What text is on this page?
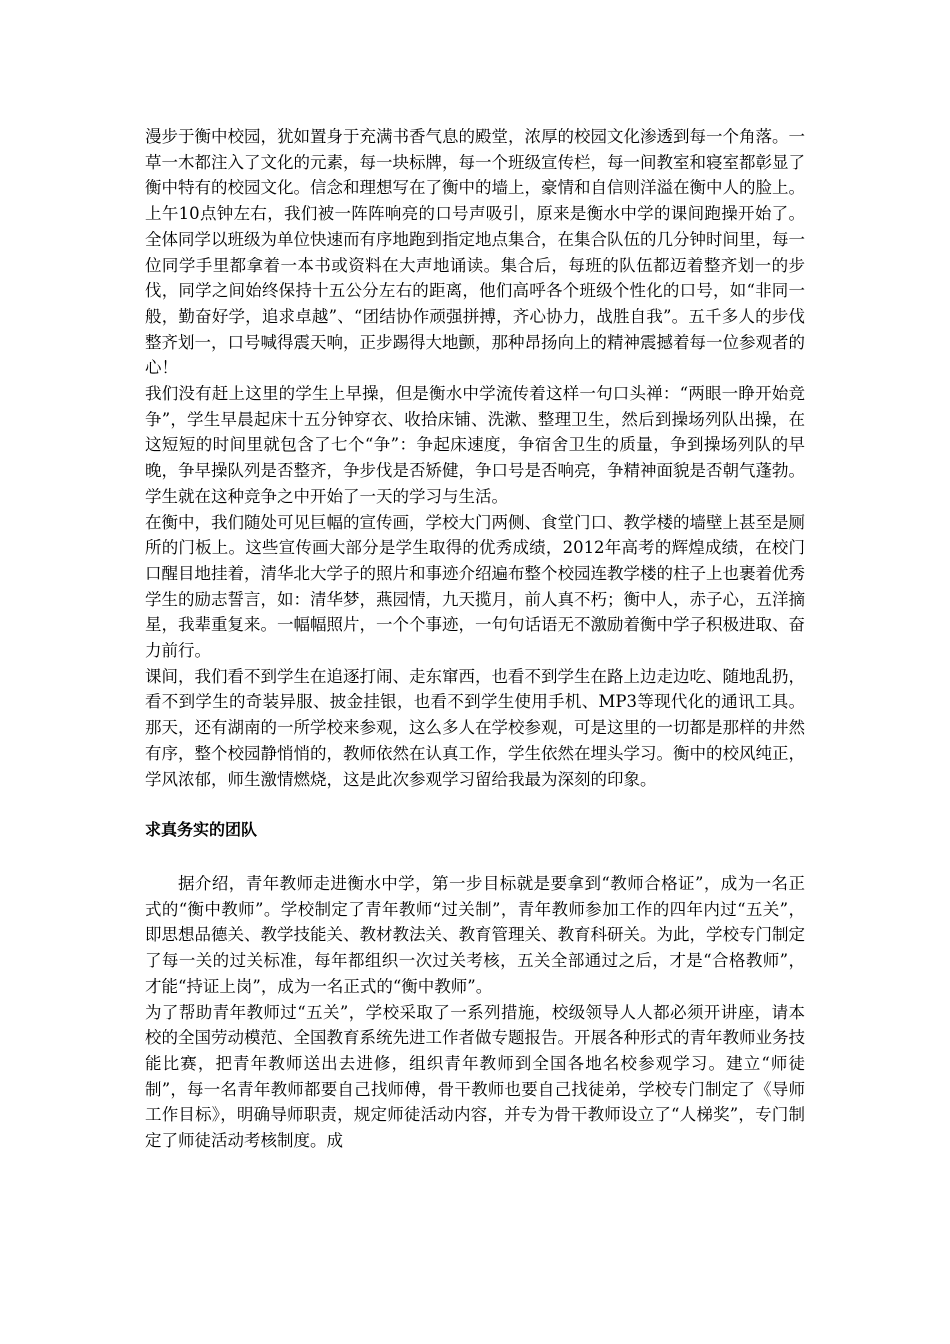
漫步于衡中校园，犹如置身于充满书香气息的殿堂，浓厚的校园文化渗透到每一个角落。一草一木都注入了文化的元素，每一块标牌，每一个班级宣传栏，每一间教室和寝室都彰显了衡中特有的校园文化。信念和理想写在了衡中的墙上，豪情和自信则洋溢在衡中人的脸上。

上午10点钟左右，我们被一阵阵响亮的口号声吸引，原来是衡水中学的课间跑操开始了。全体同学以班级为单位快速而有序地跑到指定地点集合，在集合队伍的几分钟时间里，每一位同学手里都拿着一本书或资料在大声地诵读。集合后，每班的队伍都迈着整齐划一的步伐，同学之间始终保持十五公分左右的距离，他们高呼各个班级个性化的口号，如“非同一般，勤奋好学，追求卓越”、“团结协作顽强拼搏，齐心协力，战胜自我”。五千多人的步伐整齐划一，口号喊得震天响，正步踢得大地颤，那种昂扬向上的精神震撼着每一位参观者的心！

我们没有赶上这里的学生上早操，但是衡水中学流传着这样一句口头禅：“两眼一睁开始竞争”，学生早晨起床十五分钟穿衣、收拾床铺、洗漱、整理卫生，然后到操场列队出操，在这短短的时间里就包含了七个“争”：争起床速度，争宿舍卫生的质量，争到操场列队的早晚，争早操队列是否整齐，争步伐是否矫健，争口号是否响亮，争精神面貌是否朝气蓬勃。学生就在这种竞争之中开始了一天的学习与生活。

在衡中，我们随处可见巨幅的宣传画，学校大门两侧、食堂门口、教学楼的墙壁上甚至是厕所的门板上。这些宣传画大部分是学生取得的优秀成绩，2012年高考的辉煌成绩，在校门口醒目地挂着，清华北大学子的照片和事迹介绍遍布整个校园连教学楼的柱子上也裹着优秀学生的励志誓言，如：清华梦，燕园情，九天揽月，前人真不朽；衡中人，赤子心，五洋摘星，我辈重复来。一幅幅照片，一个个事迹，一句句话语无不激励着衡中学子积极进取、奋力前行。

课间，我们看不到学生在追逐打闹、走东窜西，也看不到学生在路上边走边吃、随地乱扔，看不到学生的奇装异服、披金挂银，也看不到学生使用手机、MP3等现代化的通讯工具。那天，还有湖南的一所学校来参观，这么多人在学校参观，可是这里的一切都是那样的井然有序，整个校园静悄悄的，教师依然在认真工作，学生依然在埋头学习。衡中的校风纯正，学风浓郁，师生激情燃烧，这是此次参观学习留给我最为深刻的印象。

求真务实的团队

据介绍，青年教师走进衡水中学，第一步目标就是要拿到“教师合格证”，成为一名正式的“衡中教师”。学校制定了青年教师“过关制”，青年教师参加工作的四年内过“五关”，即思想品德关、教学技能关、教材教法关、教育管理关、教育科研关。为此，学校专门制定了每一关的过关标准，每年都组织一次过关考核，五关全部通过之后，才是“合格教师”，才能“持证上岗”，成为一名正式的“衡中教师”。

为了帮助青年教师过“五关”，学校采取了一系列措施，校级领导人人都必须开讲座，请本校的全国劳动模范、全国教育系统先进工作者做专题报告。开展各种形式的青年教师业务技能比赛，把青年教师送出去进修，组织青年教师到全国各地名校参观学习。建立“师徒制”，每一名青年教师都要自己找师傅，骨干教师也要自己找徒弟，学校专门制定了《导师工作目标》，明确导师职责，规定师徒活动内容，并专为骨干教师设立了“人梯奖”，专门制定了师徒活动考核制度。成
